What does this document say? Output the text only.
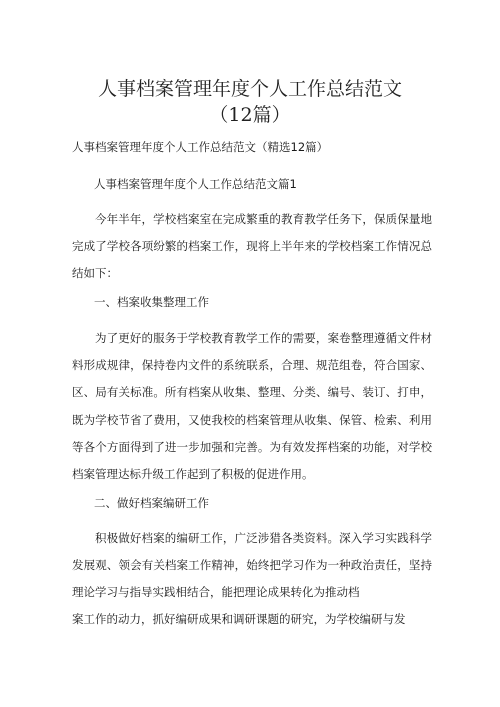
人事档案管理年度个人工作总结范文（12篇）
人事档案管理年度个人工作总结范文（精选12篇）
人事档案管理年度个人工作总结范文篇1

今年半年，学校档案室在完成繁重的教育教学任务下，保质保量地完成了学校各项纷繁的档案工作，现将上半年来的学校档案工作情况总结如下：

一、档案收集整理工作

为了更好的服务于学校教育教学工作的需要，案卷整理遵循文件材料形成规律，保持卷内文件的系统联系，合理、规范组卷，符合国家、区、局有关标准。所有档案从收集、整理、分类、编号、装订、打申，既为学校节省了费用，又使我校的档案管理从收集、保管、检索、利用等各个方面得到了进一步加强和完善。为有效发挥档案的功能，对学校档案管理达标升级工作起到了积极的促进作用。

二、做好档案编研工作

积极做好档案的编研工作，广泛涉猎各类资料。深入学习实践科学发展观、领会有关档案工作精神，始终把学习作为一种政治责任，坚持理论学习与指导实践相结合，能把理论成果转化为推动档

案工作的动力，抓好编研成果和调研课题的研究，为学校编研与发
